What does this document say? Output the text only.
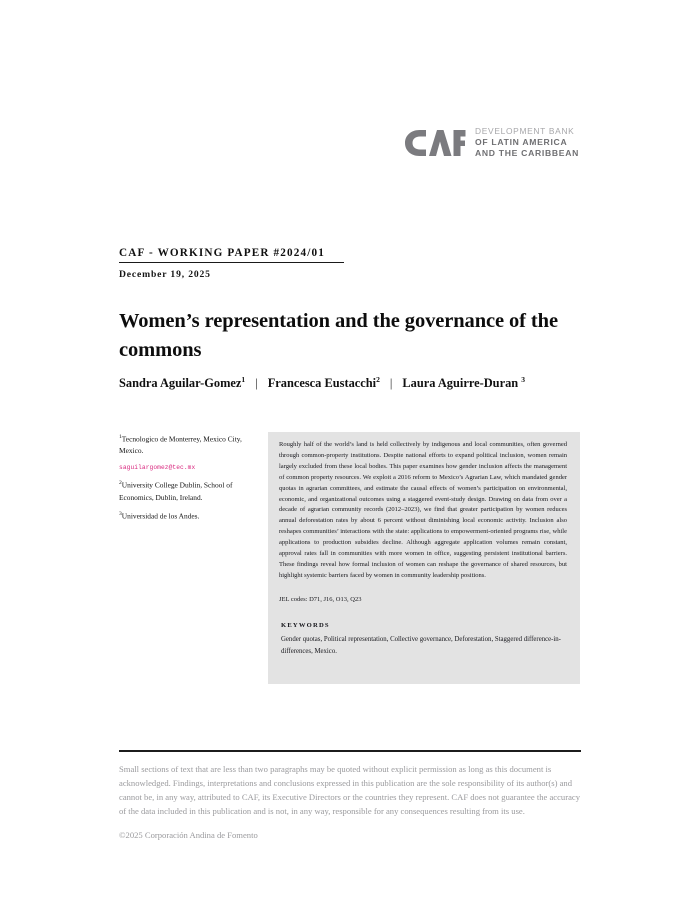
DEVELOPMENT BANK
OF LATIN AMERICA
AND THE CARIBBEAN
CAF - WORKING PAPER #2024/01
December 19, 2025
Women’s representation and the governance of the commons
Sandra Aguilar-Gomez$^1$ | Francesca Eustacchi$^2$ | Laura Aguirre-Duran $^3$

$^1$Tecnologico de Monterrey, Mexico City, Mexico.

saguilargomez@tec.mx

$^2$University College Dublin, School of Economics, Dublin, Ireland.

$^3$Universidad de los Andes.

Roughly half of the world’s land is held collectively by indigenous and local communities, often governed through common-property institutions. Despite national efforts to expand political inclusion, women remain largely excluded from these local bodies. This paper examines how gender inclusion affects the management of common property resources. We exploit a 2016 reform to Mexico’s Agrarian Law, which mandated gender quotas in agrarian committees, and estimate the causal effects of women’s participation on environmental, economic, and organizational outcomes using a staggered event-study design. Drawing on data from over a decade of agrarian community records (2012–2023), we find that greater participation by women reduces annual deforestation rates by about 6 percent without diminishing local economic activity. Inclusion also reshapes communities’ interactions with the state: applications to empowerment-oriented programs rise, while applications to production subsidies decline. Although aggregate application volumes remain constant, approval rates fall in communities with more women in office, suggesting persistent institutional barriers. These findings reveal how formal inclusion of women can reshape the governance of shared resources, but highlight systemic barriers faced by women in community leadership positions.

JEL codes: D71, J16, O13, Q23

KEYWORDS

Gender quotas, Political representation, Collective governance, Deforestation, Staggered difference-in-differences, Mexico.

Small sections of text that are less than two paragraphs may be quoted without explicit permission as long as this document is acknowledged. Findings, interpretations and conclusions expressed in this publication are the sole responsibility of its author(s) and cannot be, in any way, attributed to CAF, its Executive Directors or the countries they represent. CAF does not guarantee the accuracy of the data included in this publication and is not, in any way, responsible for any consequences resulting from its use.

©2025 Corporación Andina de Fomento
